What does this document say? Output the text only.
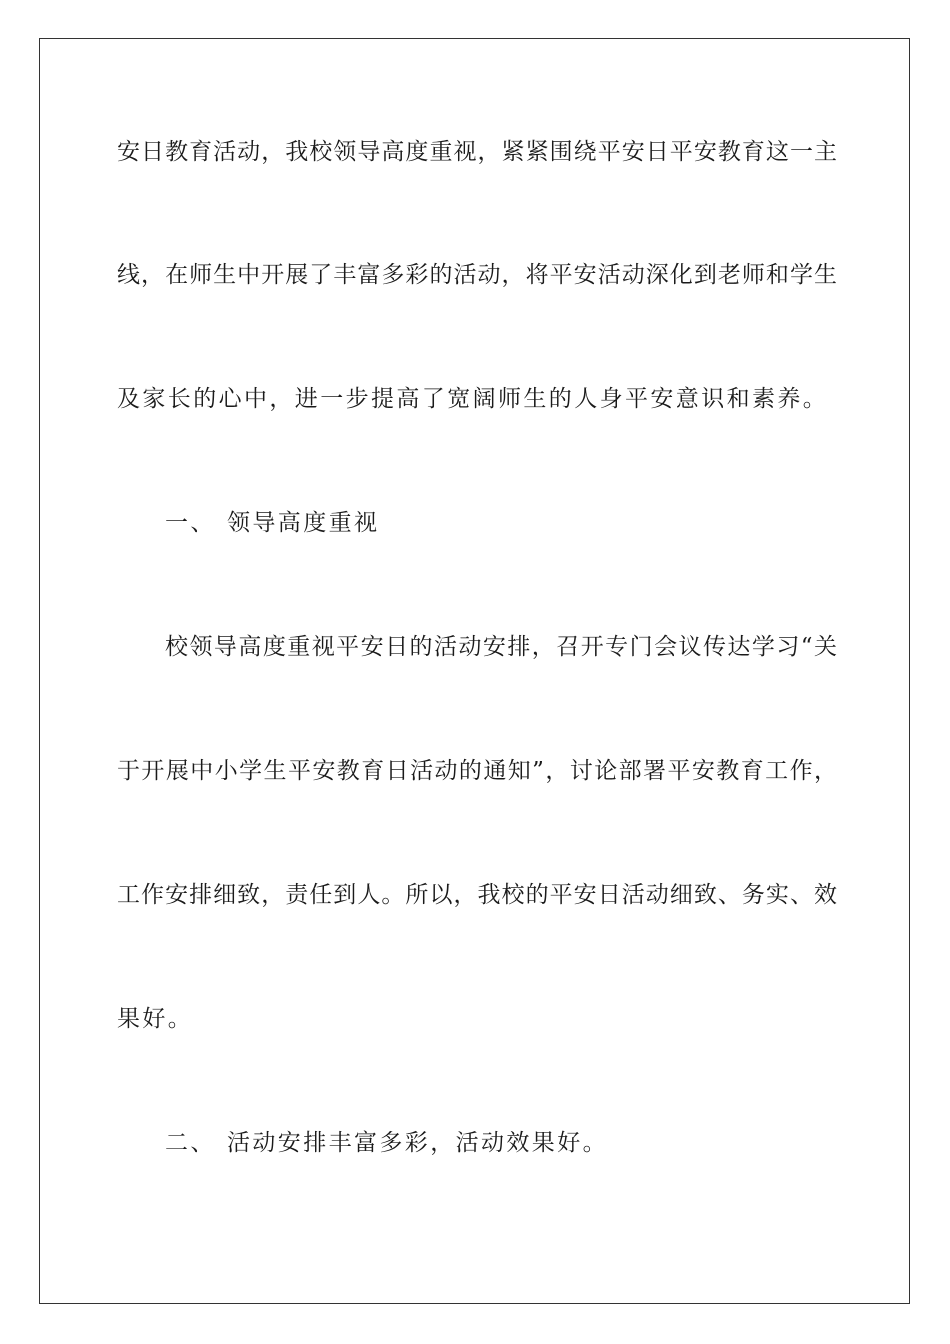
安日教育活动，我校领导高度重视，紧紧围绕平安日平安教育这一主
线，在师生中开展了丰富多彩的活动，将平安活动深化到老师和学生
及家长的心中，进一步提高了宽阔师生的人身平安意识和素养。
一、 领导高度重视
校领导高度重视平安日的活动安排，召开专门会议传达学习“关
于开展中小学生平安教育日活动的通知”，讨论部署平安教育工作，
工作安排细致，责任到人。所以，我校的平安日活动细致、务实、效
果好。
二、 活动安排丰富多彩，活动效果好。
